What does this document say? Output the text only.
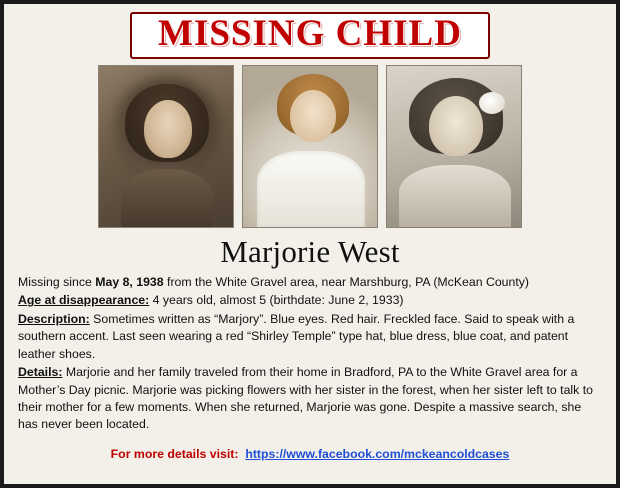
MISSING CHILD
Marjorie West

Missing since May 8, 1938 from the White Gravel area, near Marshburg, PA (McKean County)

Age at disappearance: 4 years old, almost 5 (birthdate: June 2, 1933)

Description: Sometimes written as “Marjory”. Blue eyes. Red hair. Freckled face. Said to speak with a southern accent. Last seen wearing a red “Shirley Temple” type hat, blue dress, blue coat, and patent leather shoes.

Details: Marjorie and her family traveled from their home in Bradford, PA to the White Gravel area for a Mother’s Day picnic. Marjorie was picking flowers with her sister in the forest, when her sister left to talk to their mother for a few moments. When she returned, Marjorie was gone. Despite a massive search, she has never been located.

For more details visit: https://www.facebook.com/mckeancoldcases
